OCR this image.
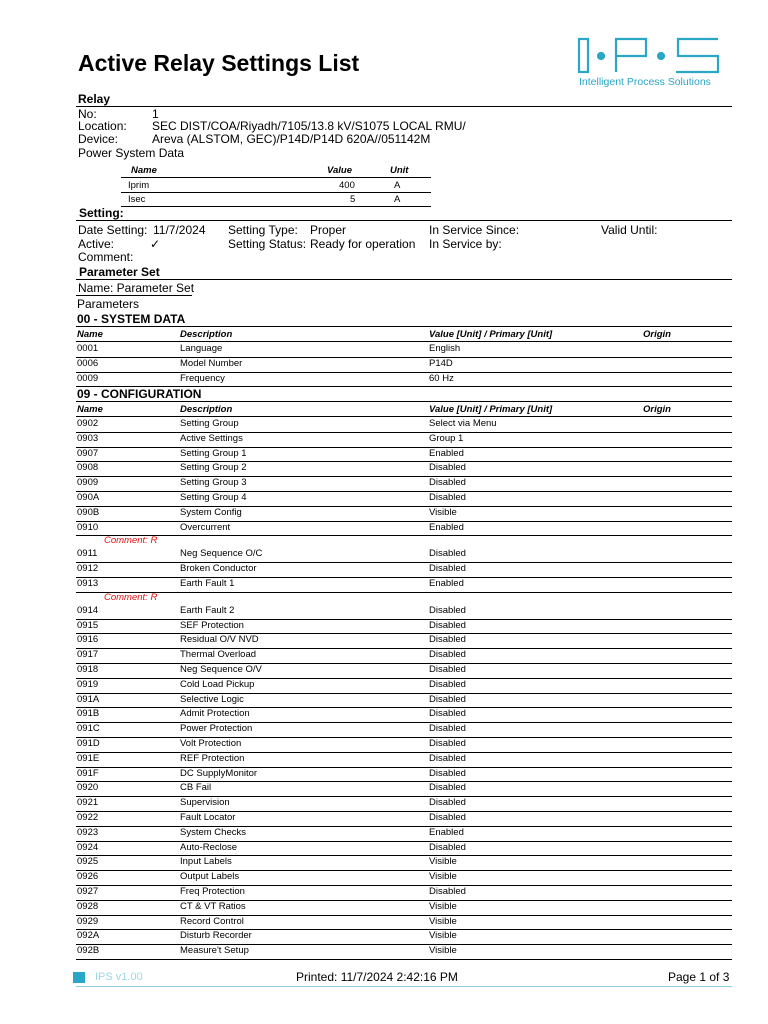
Active Relay Settings List
Intelligent Process Solutions
Relay
No:	1
Location: SEC DIST/COA/Riyadh/7105/13.8 kV/S1075 LOCAL RMU/
Device:	Areva (ALSTOM, GEC)/P14D/P14D 620A//051142M
Power System Data
Name	Value	Unit
Iprim	400	A
Isec	5	A
Setting:
Date Setting: 11/7/2024 Setting Type: Proper	In Service Since:	Valid Until:
Active:	✓	Setting Status: Ready for operation In Service by:
Comment:
Parameter Set
Name: Parameter Set
Parameters
00 - SYSTEM DATA
Name	Description	Value [Unit] / Primary [Unit]	Origin
0001	Language	English
0006	Model Number	P14D
0009	Frequency	60 Hz
09 - CONFIGURATION
Name	Description	Value [Unit] / Primary [Unit]	Origin
0902	Setting Group	Select via Menu
0903	Active Settings	Group 1
0907	Setting Group 1	Enabled
0908	Setting Group 2	Disabled
0909	Setting Group 3	Disabled
090A	Setting Group 4	Disabled
090B	System Config	Visible
0910	Overcurrent	Enabled
Comment: R
0911	Neg Sequence O/C	Disabled
0912	Broken Conductor	Disabled
0913	Earth Fault 1	Enabled
Comment: R
0914	Earth Fault 2	Disabled
0915	SEF Protection	Disabled
0916	Residual O/V NVD	Disabled
0917	Thermal Overload	Disabled
0918	Neg Sequence O/V	Disabled
0919	Cold Load Pickup	Disabled
091A	Selective Logic	Disabled
091B	Admit Protection	Disabled
091C	Power Protection	Disabled
091D	Volt Protection	Disabled
091E	REF Protection	Disabled
091F	DC SupplyMonitor	Disabled
0920	CB Fail	Disabled
0921	Supervision	Disabled
0922	Fault Locator	Disabled
0923	System Checks	Enabled
0924	Auto-Reclose	Disabled
0925	Input Labels	Visible
0926	Output Labels	Visible
0927	Freq Protection	Disabled
0928	CT & VT Ratios	Visible
0929	Record Control	Visible
092A	Disturb Recorder	Visible
092B	Measure't Setup	Visible
IPS v1.00	Printed: 11/7/2024 2:42:16 PM	Page 1 of 3
